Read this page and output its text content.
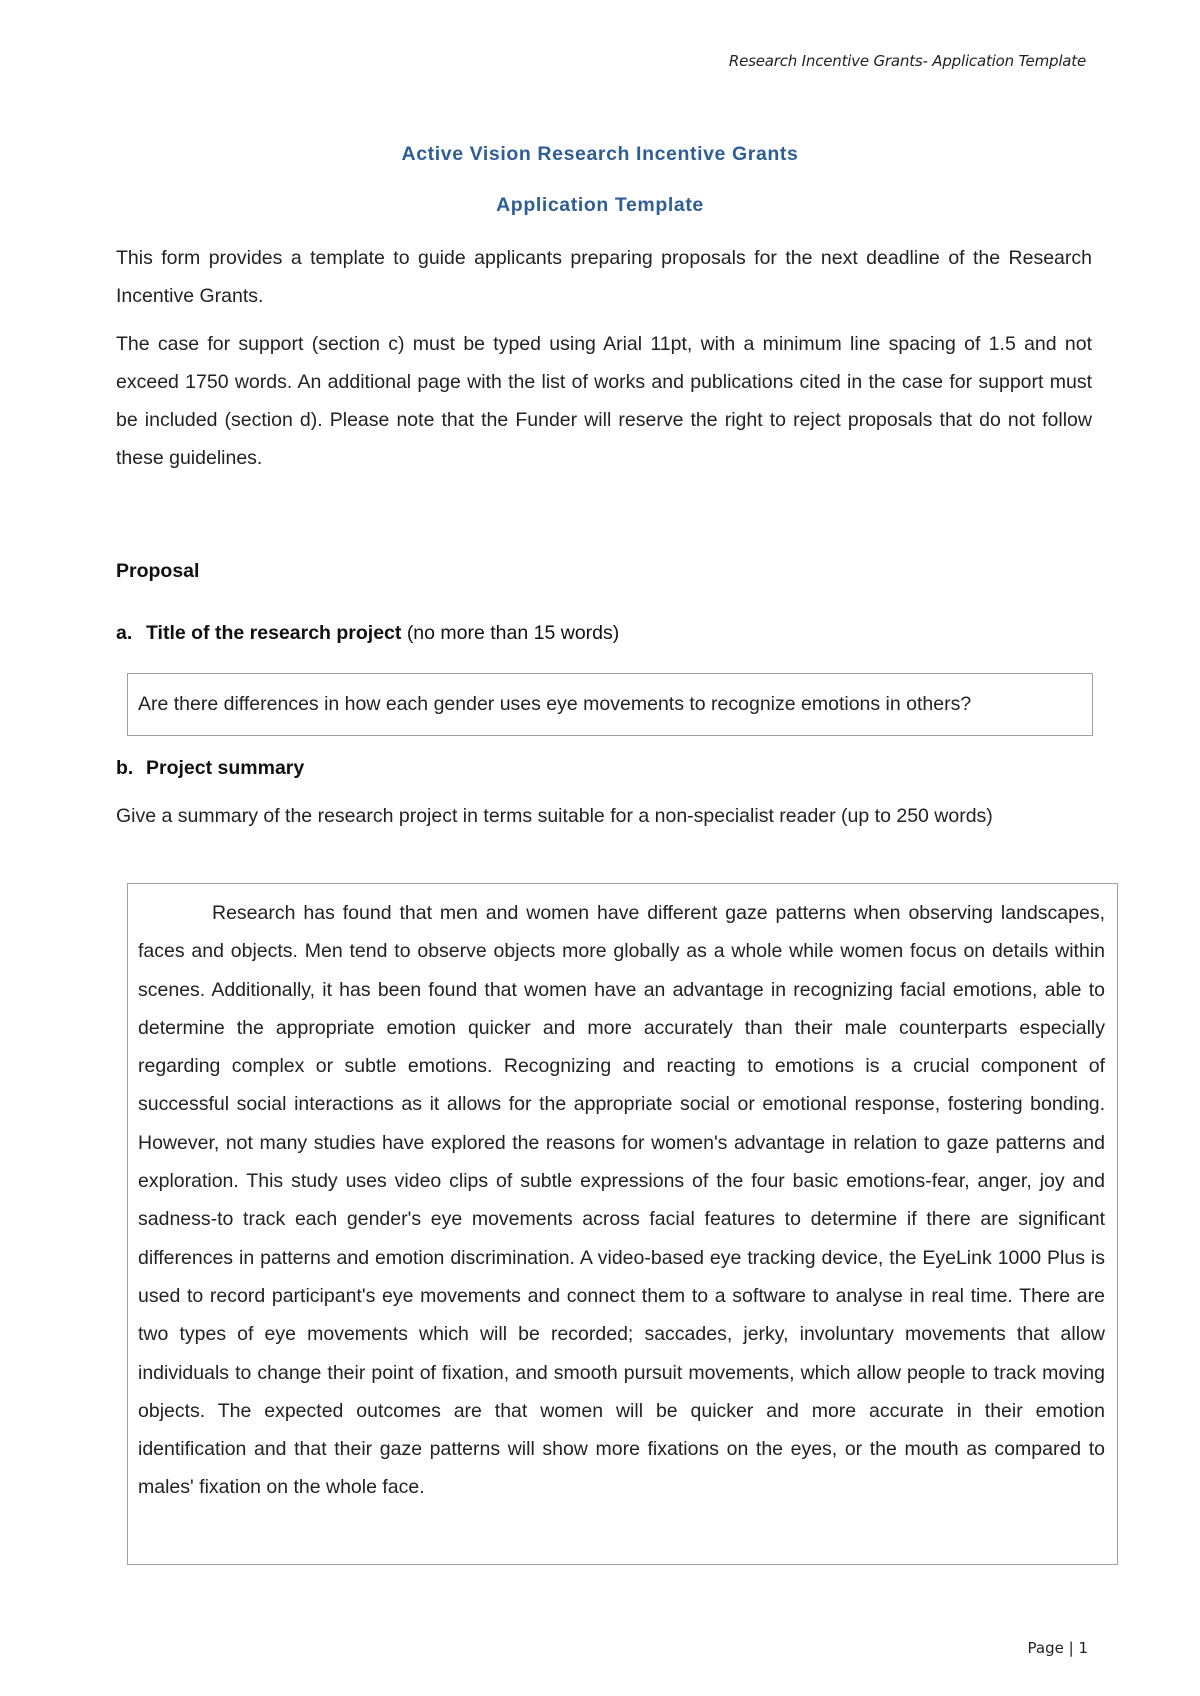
Research Incentive Grants- Application Template
Active Vision Research Incentive Grants
Application Template

This form provides a template to guide applicants preparing proposals for the next deadline of the Research Incentive Grants.

The case for support (section c) must be typed using Arial 11pt, with a minimum line spacing of 1.5 and not exceed 1750 words. An additional page with the list of works and publications cited in the case for support must be included (section d). Please note that the Funder will reserve the right to reject proposals that do not follow these guidelines.

Proposal
a. Title of the research project (no more than 15 words)
Are there differences in how each gender uses eye movements to recognize emotions in others?
b. Project summary

Give a summary of the research project in terms suitable for a non-specialist reader (up to 250 words)

Research has found that men and women have different gaze patterns when observing landscapes, faces and objects. Men tend to observe objects more globally as a whole while women focus on details within scenes. Additionally, it has been found that women have an advantage in recognizing facial emotions, able to determine the appropriate emotion quicker and more accurately than their male counterparts especially regarding complex or subtle emotions. Recognizing and reacting to emotions is a crucial component of successful social interactions as it allows for the appropriate social or emotional response, fostering bonding. However, not many studies have explored the reasons for women's advantage in relation to gaze patterns and exploration. This study uses video clips of subtle expressions of the four basic emotions-fear, anger, joy and sadness-to track each gender's eye movements across facial features to determine if there are significant differences in patterns and emotion discrimination. A video-based eye tracking device, the EyeLink 1000 Plus is used to record participant's eye movements and connect them to a software to analyse in real time. There are two types of eye movements which will be recorded; saccades, jerky, involuntary movements that allow individuals to change their point of fixation, and smooth pursuit movements, which allow people to track moving objects. The expected outcomes are that women will be quicker and more accurate in their emotion identification and that their gaze patterns will show more fixations on the eyes, or the mouth as compared to males' fixation on the whole face.

Page | 1
